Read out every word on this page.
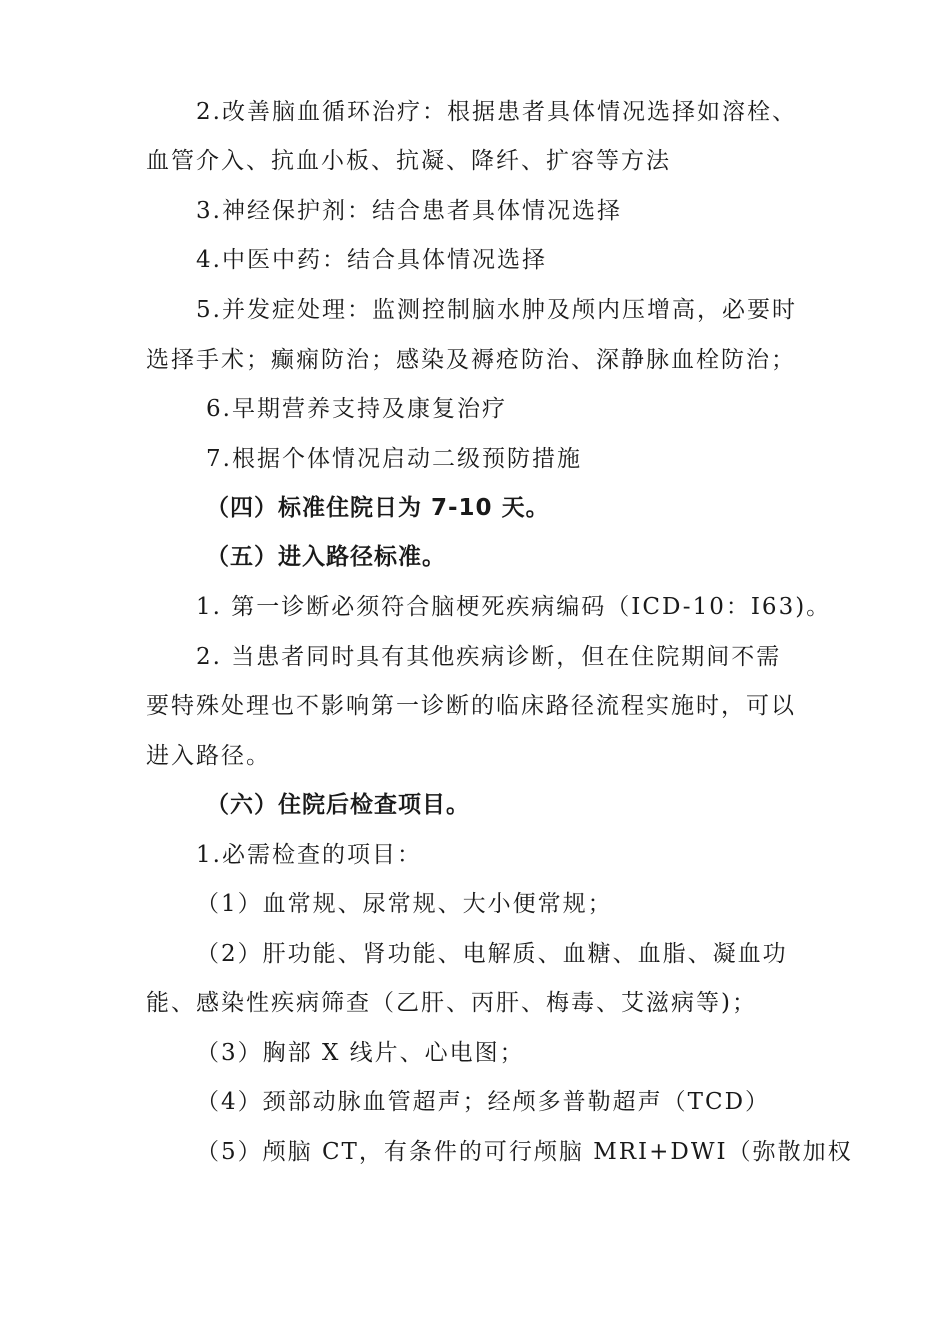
2.改善脑血循环治疗：根据患者具体情况选择如溶栓、
血管介入、抗血小板、抗凝、降纤、扩容等方法
3.神经保护剂：结合患者具体情况选择
4.中医中药：结合具体情况选择
5.并发症处理：监测控制脑水肿及颅内压增高，必要时
选择手术；癫痫防治；感染及褥疮防治、深静脉血栓防治；
6.早期营养支持及康复治疗
7.根据个体情况启动二级预防措施
（四）标准住院日为 7-10 天。
（五）进入路径标准。
1. 第一诊断必须符合脑梗死疾病编码（ICD-10：I63)。
2. 当患者同时具有其他疾病诊断，但在住院期间不需
要特殊处理也不影响第一诊断的临床路径流程实施时，可以
进入路径。
（六）住院后检查项目。
1.必需检查的项目：
（1）血常规、尿常规、大小便常规；
（2）肝功能、肾功能、电解质、血糖、血脂、凝血功
能、感染性疾病筛查（乙肝、丙肝、梅毒、艾滋病等)；
（3）胸部 X 线片、心电图；
（4）颈部动脉血管超声；经颅多普勒超声（TCD）
（5）颅脑 CT，有条件的可行颅脑 MRI+DWI（弥散加权
